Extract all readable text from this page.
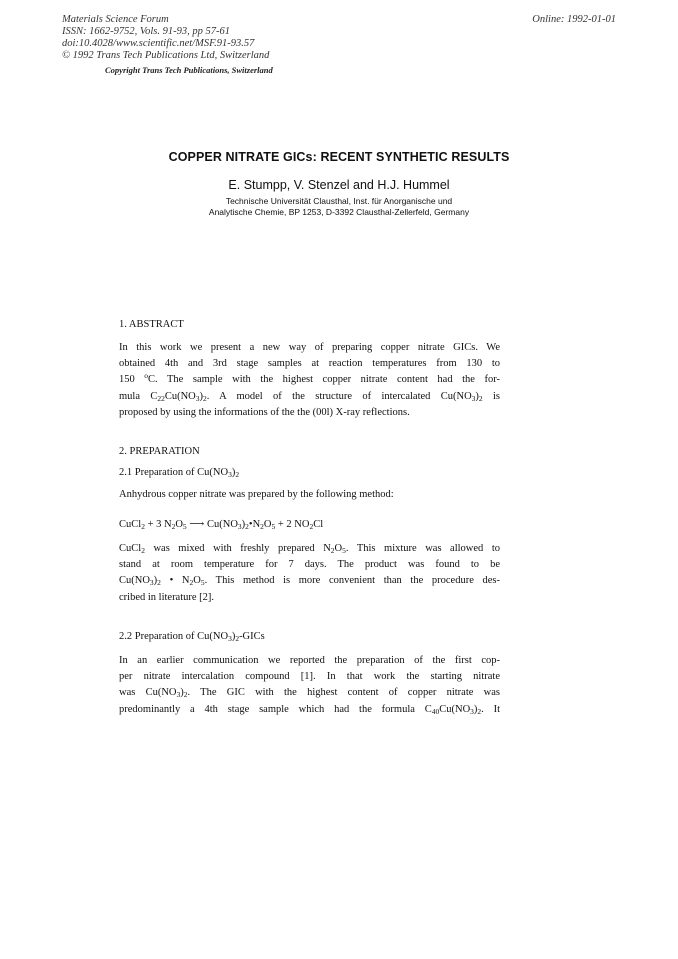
Materials Science Forum
ISSN: 1662-9752, Vols. 91-93, pp 57-61
doi:10.4028/www.scientific.net/MSF.91-93.57
© 1992 Trans Tech Publications Ltd, Switzerland
Online: 1992-01-01
Copyright Trans Tech Publications, Switzerland
COPPER NITRATE GICs: RECENT SYNTHETIC RESULTS
E. Stumpp, V. Stenzel and H.J. Hummel
Technische Universität Clausthal, Inst. für Anorganische und
Analytische Chemie, BP 1253, D-3392 Clausthal-Zellerfeld, Germany
1. ABSTRACT
In this work we present a new way of preparing copper nitrate GICs. We
obtained 4th and 3rd stage samples at reaction temperatures from 130 to
150 $^o$C. The sample with the highest copper nitrate content had the for-
mula $C_{22}Cu(NO_3)_2$. A model of the structure of intercalated $Cu(NO_3)_2$ is
proposed by using the informations of the the (00l) X-ray reflections.
2. PREPARATION
2.1 Preparation of $Cu(NO_3)_2$
Anhydrous copper nitrate was prepared by the following method:
CuCl$_2$ + 3 $N_2O_5$ ⟶ $Cu(NO_3)_2•N_2O_5 + 2$ $NO_2Cl$
CuCl$_2$ was mixed with freshly prepared $N_2O_5$. This mixture was allowed to
stand at room temperature for 7 days. The product was found to be
$Cu(NO_3)_2$ • $N_2O_5$. This method is more convenient than the procedure des-
cribed in literature [2].
2.2 Preparation of $Cu(NO_3)_2$-GICs
In an earlier communication we reported the preparation of the first cop-
per nitrate intercalation compound [1]. In that work the starting nitrate
was $Cu(NO_3)_2$. The GIC with the highest content of copper nitrate was
predominantly a 4th stage sample which had the formula $C_{40}Cu(NO_3)_2$. It
